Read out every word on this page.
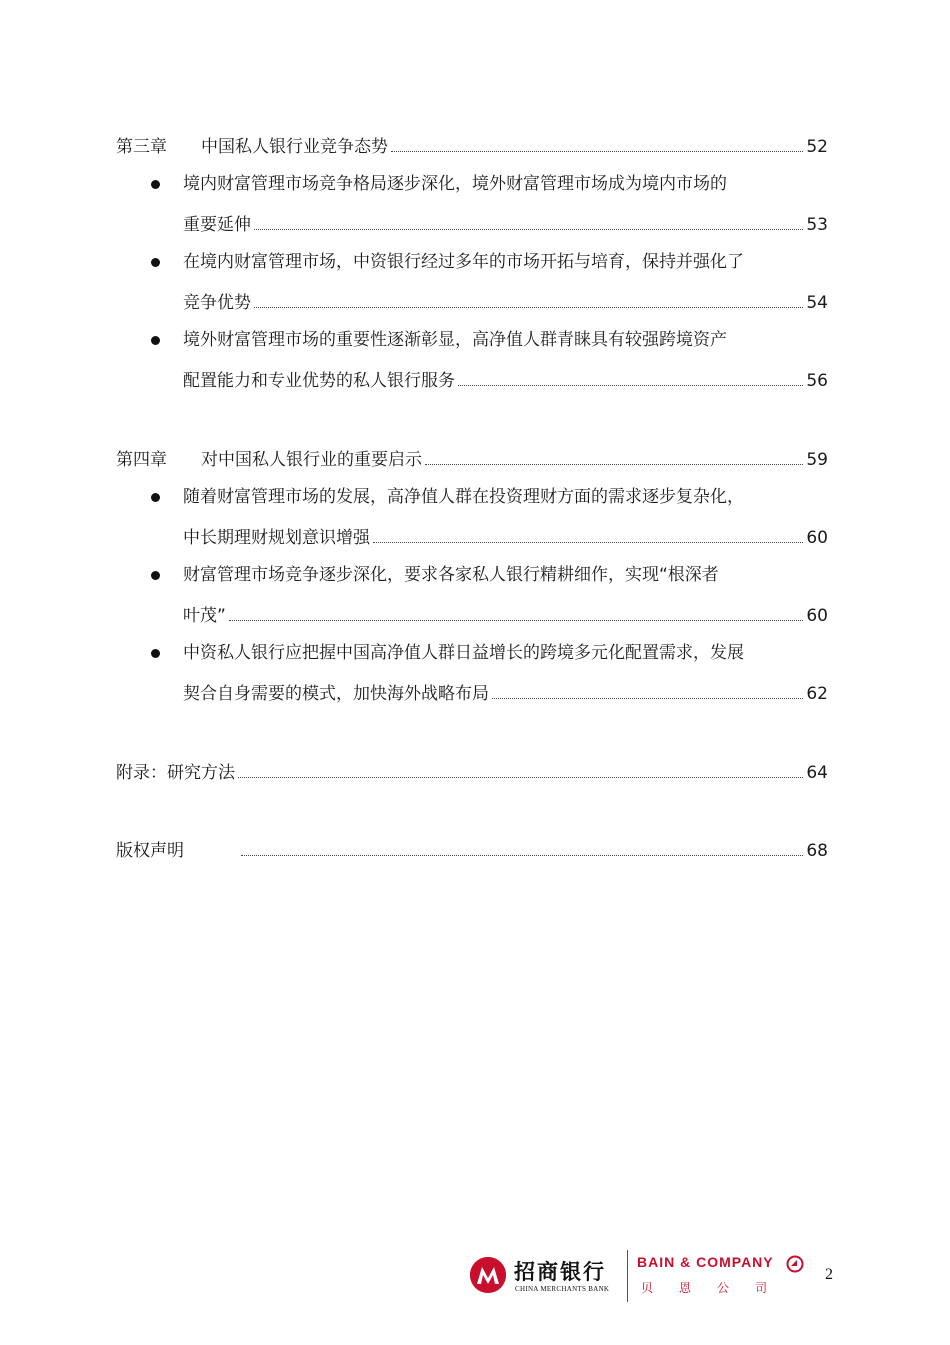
第三章	中国私人银行业竞争态势	52
境内财富管理市场竞争格局逐步深化，境外财富管理市场成为境内市场的
重要延伸	53
在境内财富管理市场，中资银行经过多年的市场开拓与培育，保持并强化了
竞争优势	54
境外财富管理市场的重要性逐渐彰显，高净值人群青睐具有较强跨境资产
配置能力和专业优势的私人银行服务	56
第四章	对中国私人银行业的重要启示	59
随着财富管理市场的发展，高净值人群在投资理财方面的需求逐步复杂化，
中长期理财规划意识增强	60
财富管理市场竞争逐步深化，要求各家私人银行精耕细作，实现“根深者
叶茂”	60
中资私人银行应把握中国高净值人群日益增长的跨境多元化配置需求，发展
契合自身需要的模式，加快海外战略布局	62
附录：研究方法	64
版权声明	68
招商银行
CHINA MERCHANTS BANK
BAIN & COMPANY
贝恩公司
2
